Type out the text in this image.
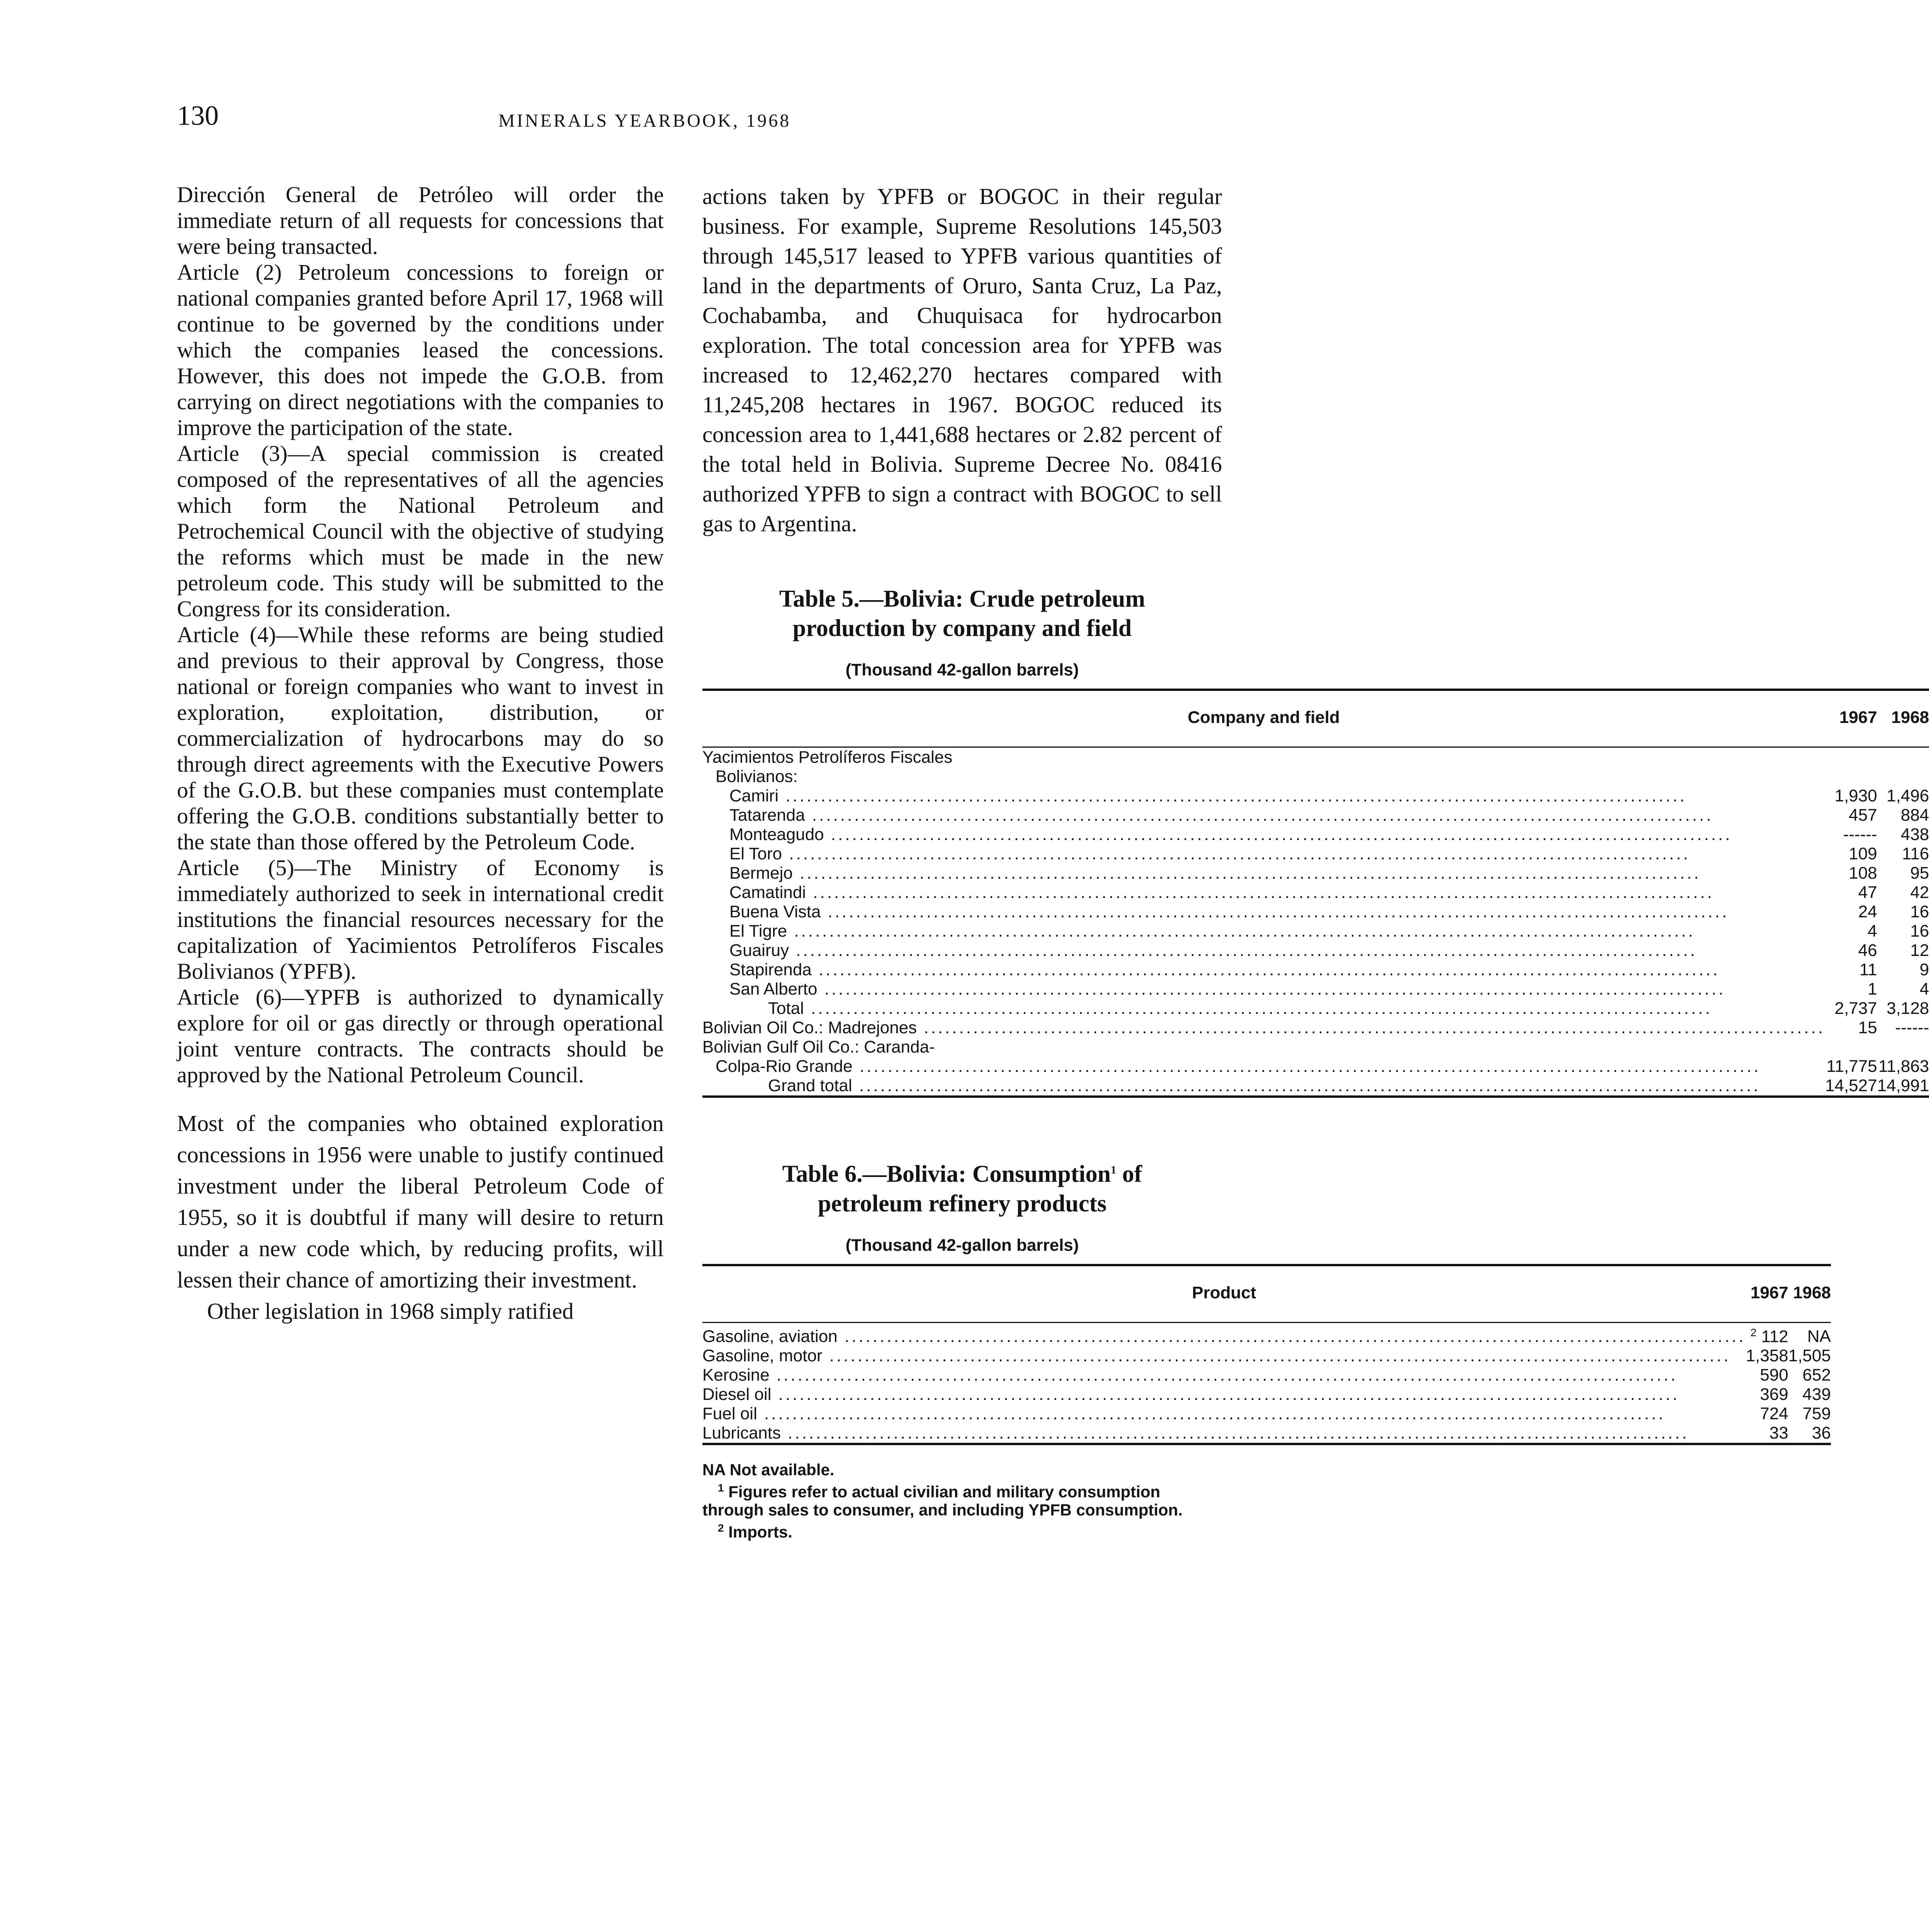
130	MINERALS YEARBOOK, 1968

Dirección General de Petróleo will order the immediate return of all requests for concessions that were being transacted.

Article (2) Petroleum concessions to foreign or national companies granted before April 17, 1968 will continue to be governed by the conditions under which the companies leased the concessions. However, this does not impede the G.O.B. from carrying on direct negotiations with the companies to improve the participation of the state.

Article (3)—A special commission is created composed of the representatives of all the agencies which form the National Petroleum and Petrochemical Council with the objective of studying the reforms which must be made in the new petroleum code. This study will be submitted to the Congress for its consideration.

Article (4)—While these reforms are being studied and previous to their approval by Congress, those national or foreign companies who want to invest in exploration, exploitation, distribution, or commercialization of hydrocarbons may do so through direct agreements with the Executive Powers of the G.O.B. but these companies must contemplate offering the G.O.B. conditions substantially better to the state than those offered by the Petroleum Code.

Article (5)—The Ministry of Economy is immediately authorized to seek in international credit institutions the financial resources necessary for the capitalization of Yacimientos Petrolíferos Fiscales Bolivianos (YPFB).

Article (6)—YPFB is authorized to dynamically explore for oil or gas directly or through operational joint venture contracts. The contracts should be approved by the National Petroleum Council.

Most of the companies who obtained exploration concessions in 1956 were unable to justify continued investment under the liberal Petroleum Code of 1955, so it is doubtful if many will desire to return under a new code which, by reducing profits, will lessen their chance of amortizing their investment.

Other legislation in 1968 simply ratified

actions taken by YPFB or BOGOC in their regular business. For example, Supreme Resolutions 145,503 through 145,517 leased to YPFB various quantities of land in the departments of Oruro, Santa Cruz, La Paz, Cochabamba, and Chuquisaca for hydrocarbon exploration. The total concession area for YPFB was increased to 12,462,270 hectares compared with 11,245,208 hectares in 1967. BOGOC reduced its concession area to 1,441,688 hectares or 2.82 percent of the total held in Bolivia. Supreme Decree No. 08416 authorized YPFB to sign a contract with BOGOC to sell gas to Argentina.

Table 5.—Bolivia: Crude petroleum
production by company and field

(Thousand 42-gallon barrels)
Company and field	1967	1968
Yacimientos Petrolíferos Fiscales		
Bolivianos:		
Camiri .....	1,930	1,496
Tatarenda .....	457	884
Monteagudo .....	------	438
El Toro .....	109	116
Bermejo .....	108	95
Camatindi .....	47	42
Buena Vista .....	24	16
El Tigre .....	4	16
Guairuy .....	46	12
Stapirenda .....	11	9
San Alberto .....	1	4
Total .....	2,737	3,128
Bolivian Oil Co.: Madrejones .....	15	------
Bolivian Gulf Oil Co.: Caranda-		
Colpa-Rio Grande .....	11,775	11,863
Grand total .....	14,527	14,991

Table 6.—Bolivia: Consumption$^1$ of
petroleum refinery products

(Thousand 42-gallon barrels)
Product	1967	1968
Gasoline, aviation .....	$^2$ 112	NA
Gasoline, motor .....	1,358	1,505
Kerosine .....	590	652
Diesel oil .....	369	439
Fuel oil .....	724	759
Lubricants .....	33	36

NA Not available.

$^1$ Figures refer to actual civilian and military consumption through sales to consumer, and including YPFB consumption.

$^2$ Imports.
